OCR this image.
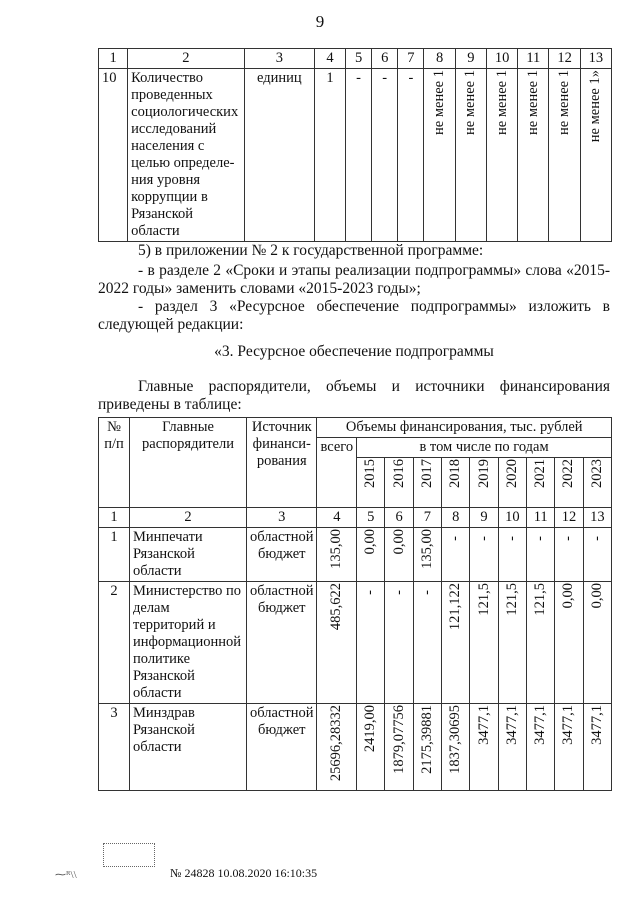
9
1	2	3	4	5	6	7	8	9	10	11	12	13
10	Количество проведенных социологических исследований населения с целью определе-ния уровня коррупции в Рязанской области	единиц	1	-	-	-	не менее 1	не менее 1	не менее 1	не менее 1	не менее 1	не менее 1»
5) в приложении № 2 к государственной программе:
- в разделе 2 «Сроки и этапы реализации подпрограммы» слова «2015-2022 годы» заменить словами «2015-2023 годы»;
- раздел 3 «Ресурсное обеспечение подпрограммы» изложить в следующей редакции:
«3. Ресурсное обеспечение подпрограммы
Главные распорядители, объемы и источники финансирования приведены в таблице:
№ п/п	Главные распорядители	Источник финанси-рования	Объемы финансирования, тыс. рублей									
			всего	в том числе по годам								
				2015	2016	2017	2018	2019	2020	2021	2022	2023
1	2	3	4	5	6	7	8	9	10	11	12	13
1	Минпечати Рязанской области	областной бюджет	135,00	0,00	0,00	135,00	-	-	-	-	-	-
2	Министерство по делам территорий и информационной политике Рязанской области	областной бюджет	485,622	-	-	-	121,122	121,5	121,5	121,5	0,00	0,00
3	Минздрав Рязанской области	областной бюджет	25696,28332	2419,00	1879,07756	2175,39881	1837,30695	3477,1	3477,1	3477,1	3477,1	3477,1
⁓ᴿ\\	№ 24828 10.08.2020 16:10:35
